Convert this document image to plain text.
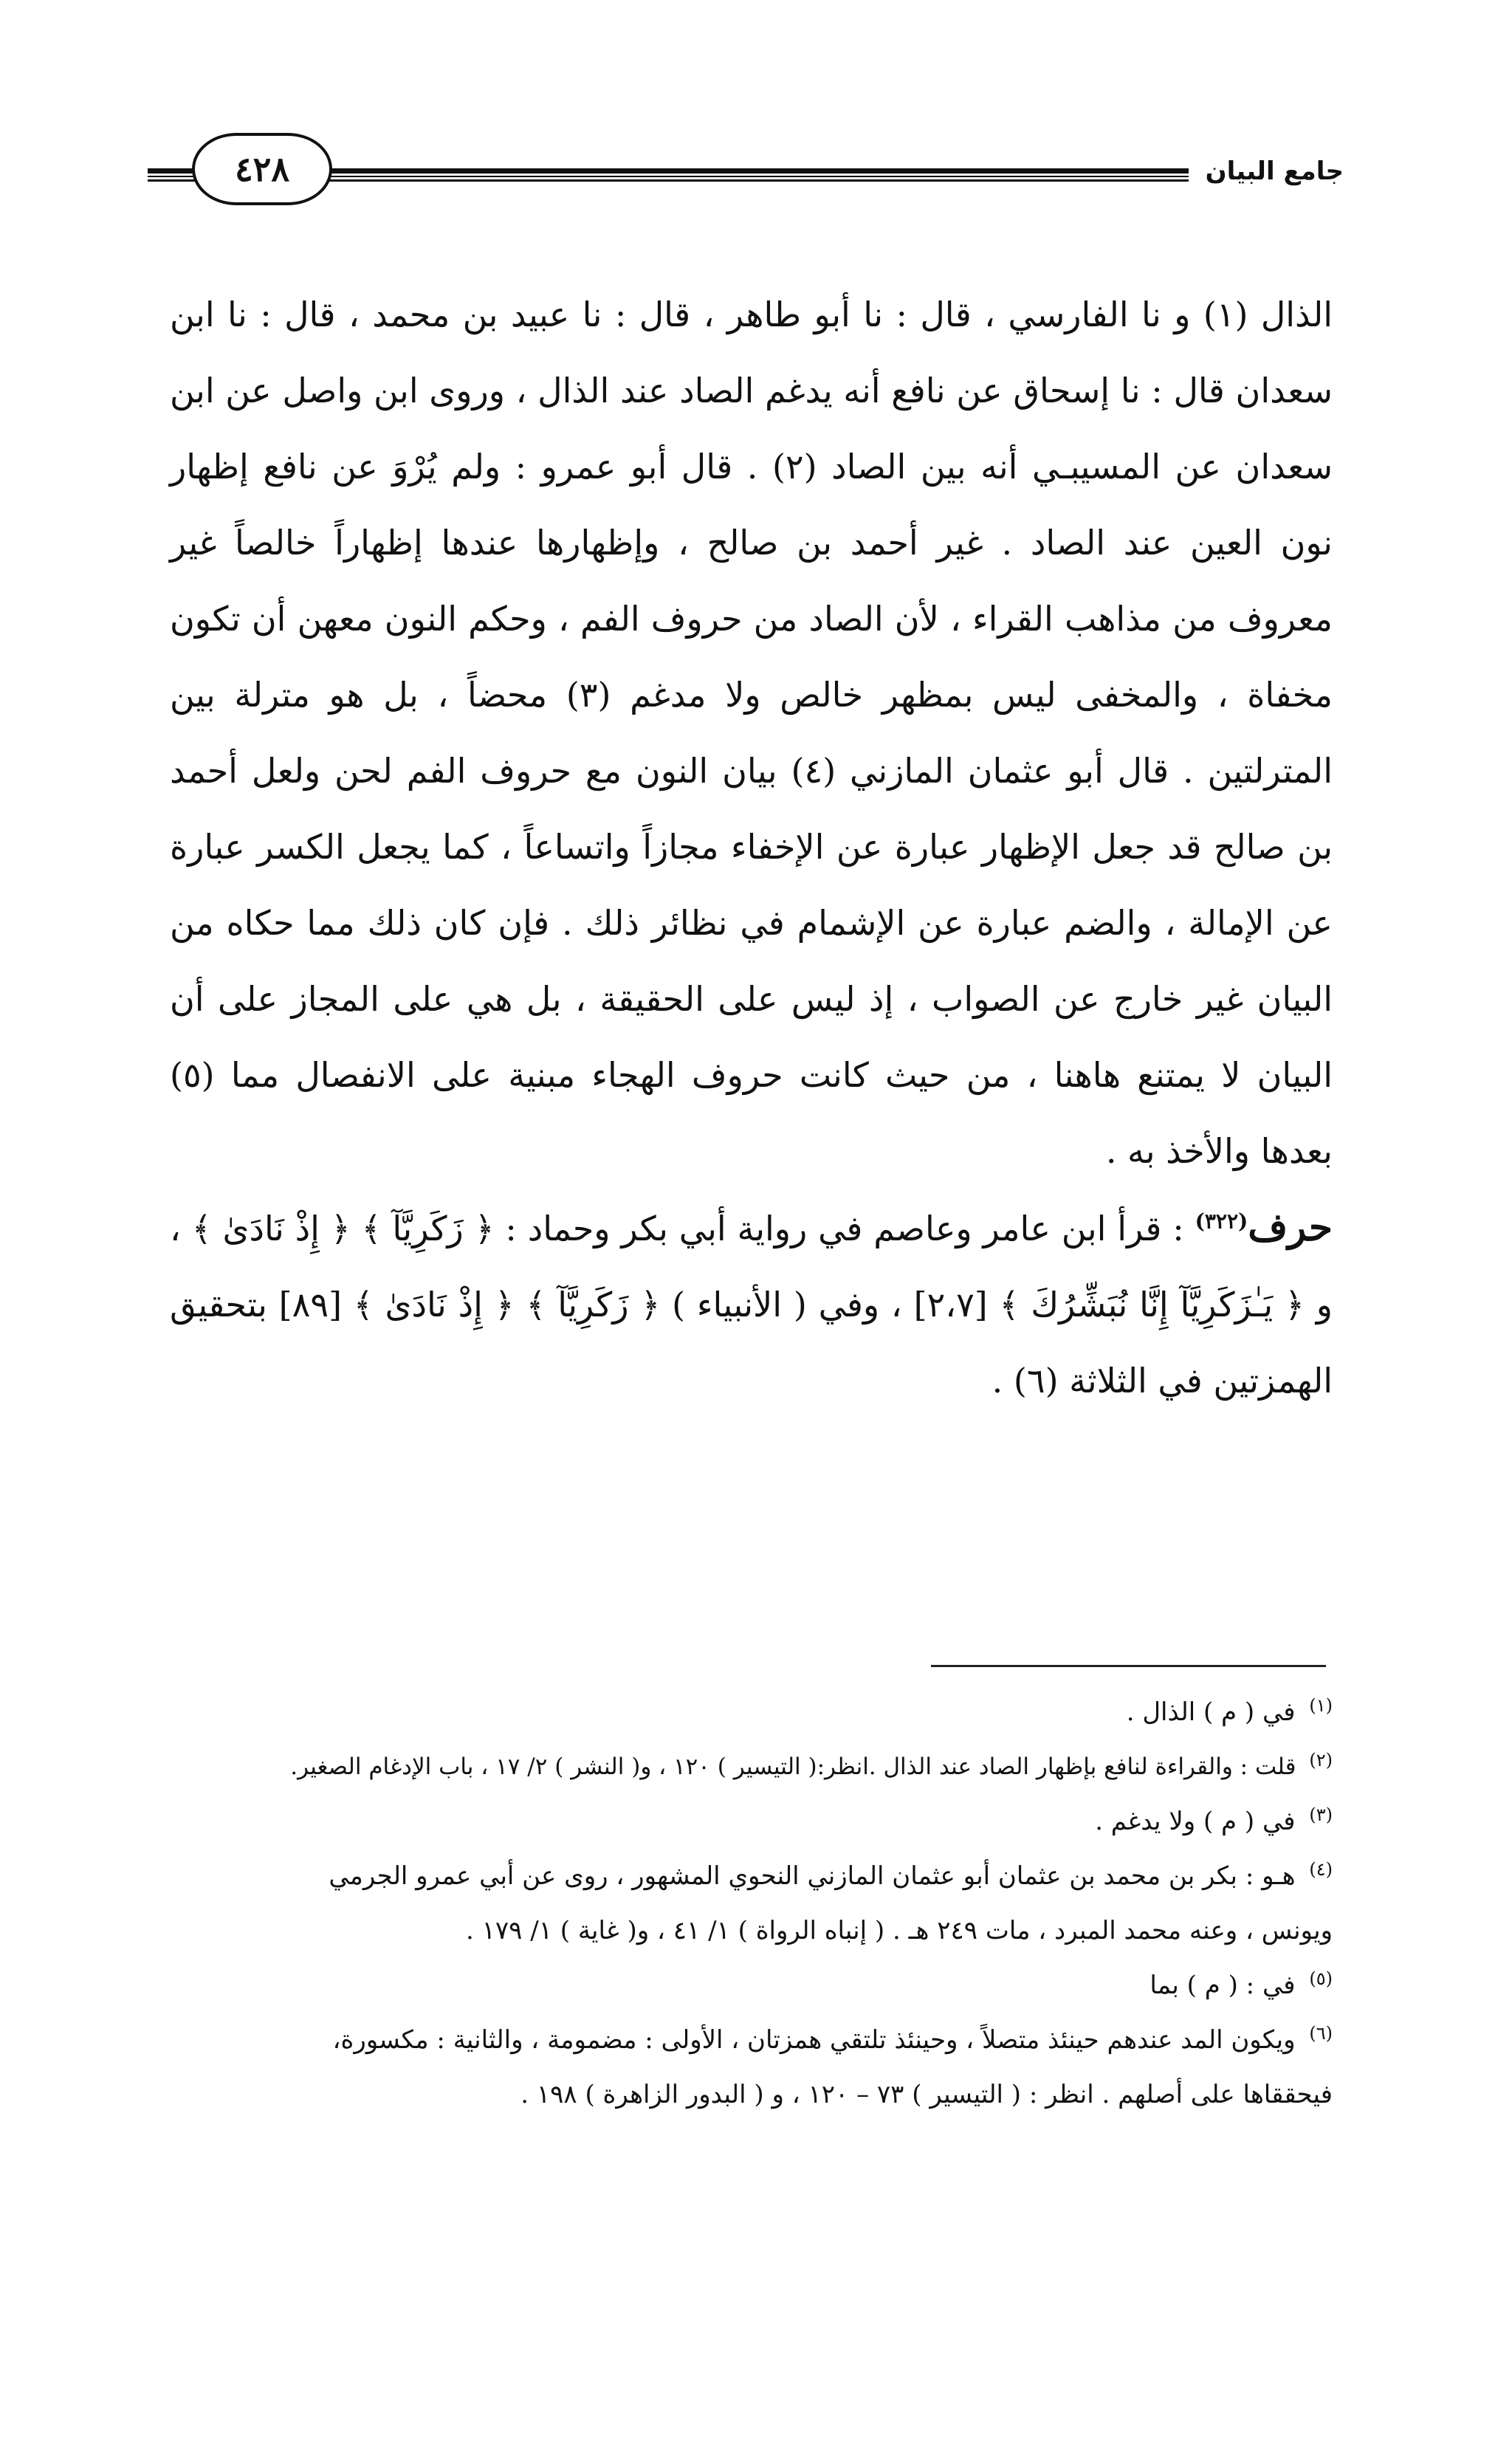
٤٢٨	جامع البيان

الذال (١) و نا الفارسي ، قال : نا أبو طاهر ، قال : نا عبيد بن محمد ، قال : نا ابن سعدان قال : نا إسحاق عن نافع أنه يدغم الصاد عند الذال ، وروى ابن واصل عن ابن سعدان عن المسيبـي أنه بين الصاد (٢) . قال أبو عمرو : ولم يُرْوَ عن نافع إظهار نون العين عند الصاد . غير أحمد بن صالح ، وإظهارها عندها إظهاراً خالصاً غير معروف من مذاهب القراء ، لأن الصاد من حروف الفم ، وحكم النون معهن أن تكون مخفاة ، والمخفى ليس بمظهر خالص ولا مدغم (٣) محضاً ، بل هو مترلة بين المترلتين . قال أبو عثمان المازني (٤) بيان النون مع حروف الفم لحن ولعل أحمد بن صالح قد جعل الإظهار عبارة عن الإخفاء مجازاً واتساعاً ، كما يجعل الكسر عبارة عن الإمالة ، والضم عبارة عن الإشمام في نظائر ذلك . فإن كان ذلك مما حكاه من البيان غير خارج عن الصواب ، إذ ليس على الحقيقة ، بل هي على المجاز على أن البيان لا يمتنع هاهنا ، من حيث كانت حروف الهجاء مبنية على الانفصال مما (٥) بعدها والأخذ به .

حرف$^{(٣٢٢)}$ : قرأ ابن عامر وعاصم في رواية أبي بكر وحماد : ﴿ زَكَرِيَّآ ﴾ ﴿ إِذْ نَادَىٰ ﴾ ، و ﴿ يَـٰزَكَرِيَّآ إِنَّا نُبَشِّرُكَ ﴾ [٢،٧] ، وفي ( الأنبياء ) ﴿ زَكَرِيَّآ ﴾ ﴿ إِذْ نَادَىٰ ﴾ [٨٩] بتحقيق الهمزتين في الثلاثة (٦) .

$^{(١)}$ في ( م ) الذال .

$^{(٢)}$ قلت : والقراءة لنافع بإظهار الصاد عند الذال .انظر:( التيسير ) ١٢٠ ، و( النشر ) ٢/ ١٧ ، باب الإدغام الصغير.

$^{(٣)}$ في ( م ) ولا يدغم .

$^{(٤)}$ هـو : بكر بن محمد بن عثمان أبو عثمان المازني النحوي المشهور ، روى عن أبي عمرو الجرمي
ويونس ، وعنه محمد المبرد ، مات ٢٤٩ هـ . ( إنباه الرواة ) ١/ ٤١ ، و( غاية ) ١/ ١٧٩ .

$^{(٥)}$ في : ( م ) بما

$^{(٦)}$ ويكون المد عندهم حينئذ متصلاً ، وحينئذ تلتقي همزتان ، الأولى : مضمومة ، والثانية : مكسورة،
فيحققاها على أصلهم . انظر : ( التيسير ) ٧٣ – ١٢٠ ، و ( البدور الزاهرة ) ١٩٨ .
